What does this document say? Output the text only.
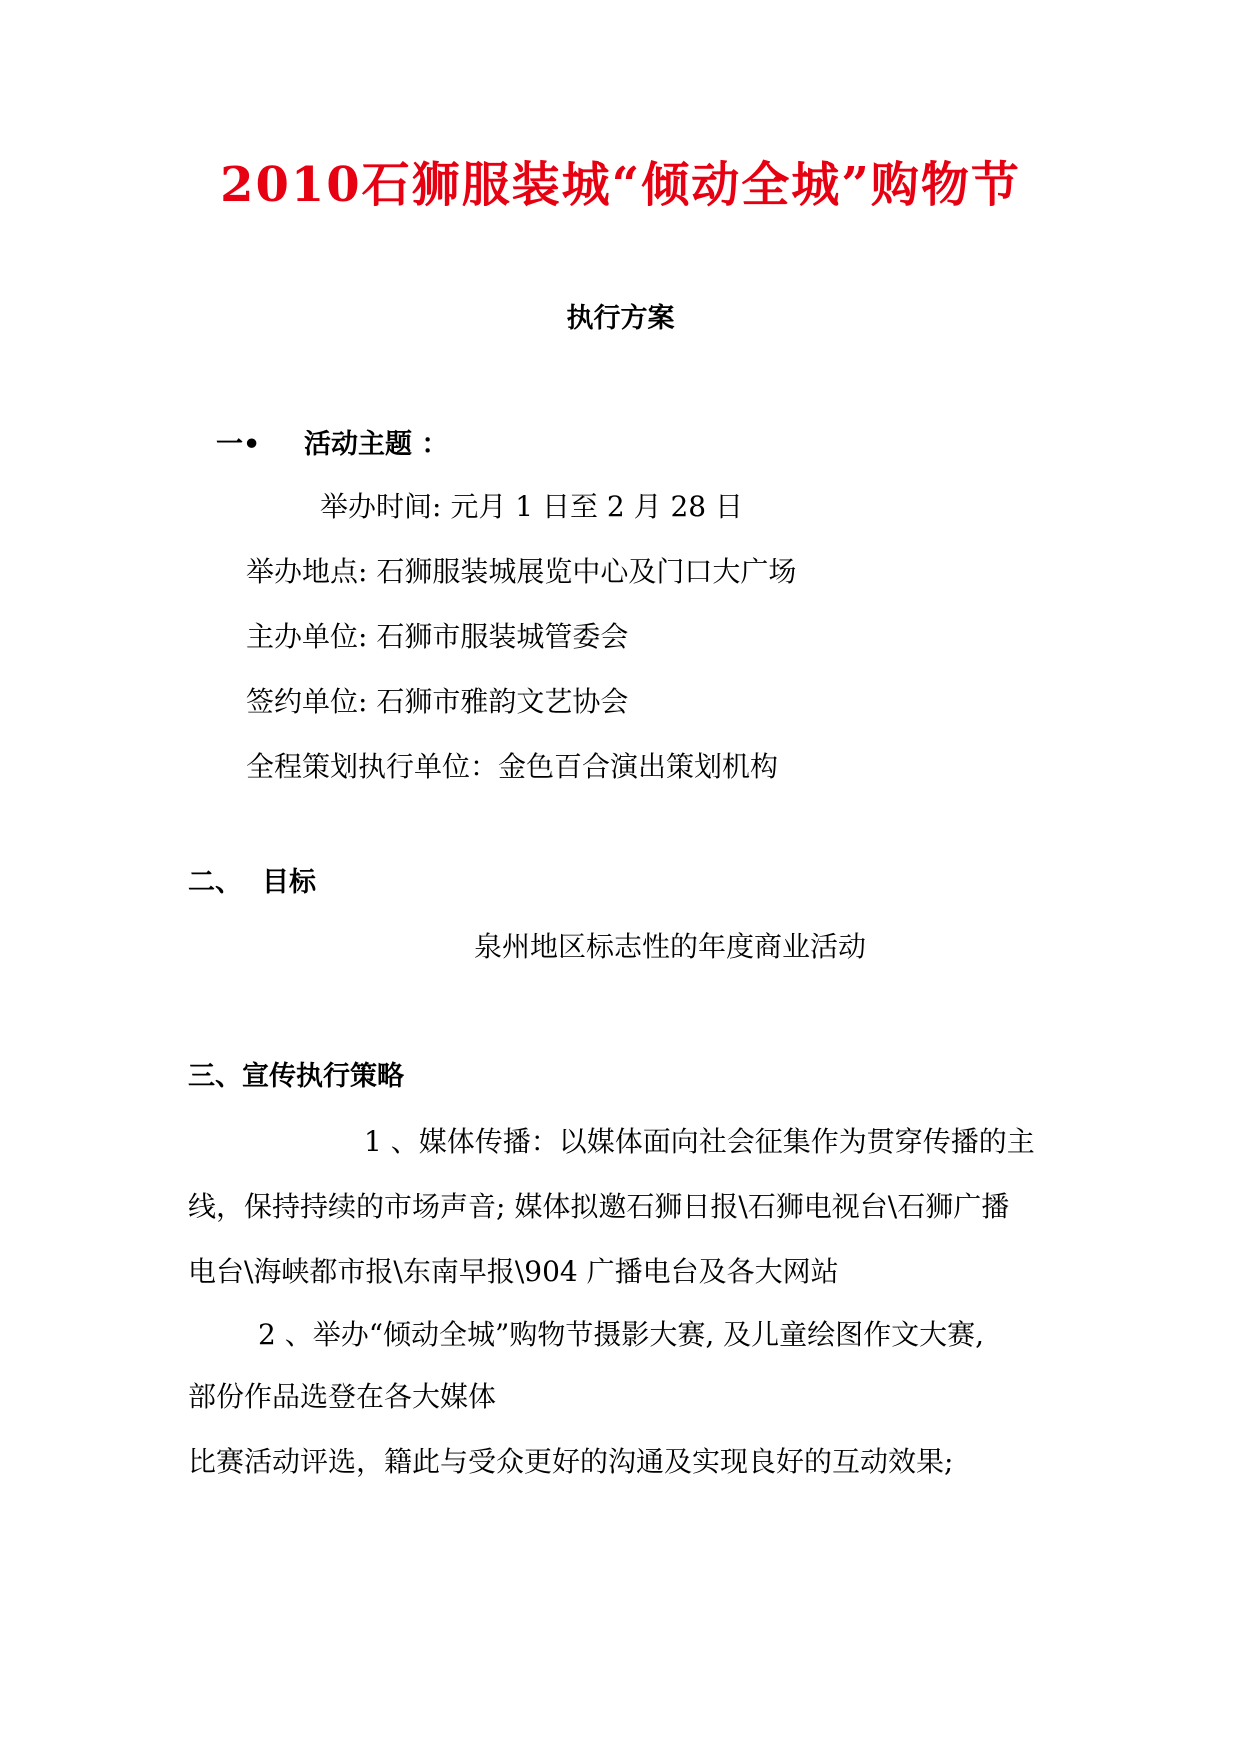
2010石狮服装城“倾动全城”购物节
执行方案
一• 活动主题 ：
举办时间: 元月 1 日至 2 月 28 日
举办地点: 石狮服装城展览中心及门口大广场
主办单位: 石狮市服装城管委会
签约单位: 石狮市雅韵文艺协会
全程策划执行单位：金色百合演出策划机构
二、 目标
泉州地区标志性的年度商业活动
三、宣传执行策略
1 、媒体传播：以媒体面向社会征集作为贯穿传播的主
线，保持持续的市场声音; 媒体拟邀石狮日报\石狮电视台\石狮广播
电台\海峡都市报\东南早报\904 广播电台及各大网站
2 、举办“倾动全城”购物节摄影大赛, 及儿童绘图作文大赛,
部份作品选登在各大媒体
比赛活动评选，籍此与受众更好的沟通及实现良好的互动效果;
